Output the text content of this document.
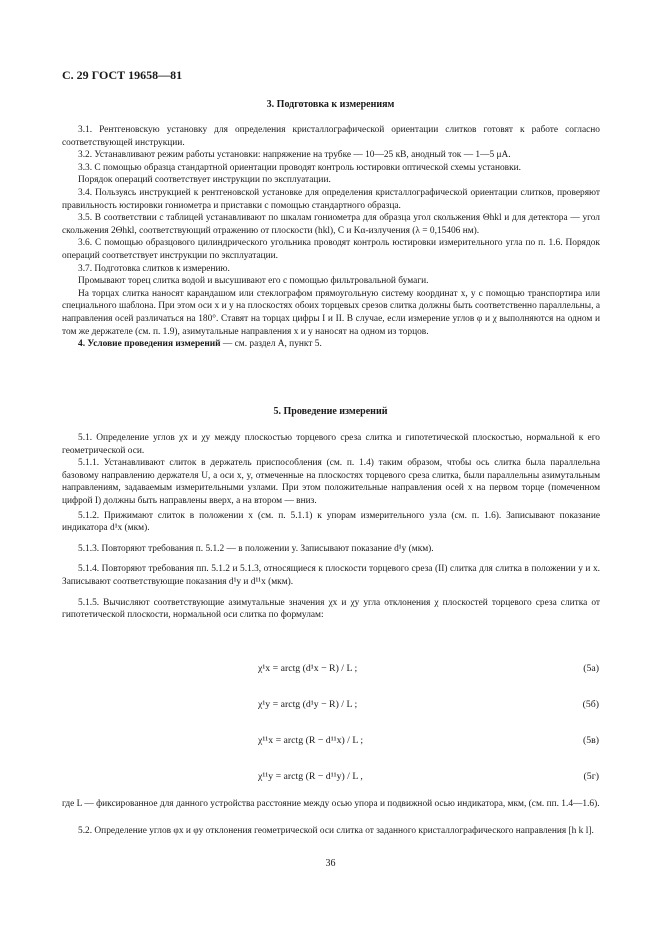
С. 29 ГОСТ 19658—81
3. Подготовка к измерениям

3.1. Рентгеновскую установку для определения кристаллографической ориентации слитков готовят к работе согласно соответствующей инструкции.

3.2. Устанавливают режим работы установки: напряжение на трубке — 10—25 кВ, анодный ток — 1—5 μА.

3.3. С помощью образца стандартной ориентации проводят контроль юстировки оптической схемы установки.

Порядок операций соответствует инструкции по эксплуатации.

3.4. Пользуясь инструкцией к рентгеновской установке для определения кристаллографической ориентации слитков, проверяют правильность юстировки гониометра и приставки с помощью стандартного образца.

3.5. В соответствии с таблицей устанавливают по шкалам гониометра для образца угол скольжения Θhkl и для детектора — угол скольжения 2Θhkl, соответствующий отражению от плоскости (hkl), С и Kα-излучения (λ = 0,15406 нм).

3.6. С помощью образцового цилиндрического угольника проводят контроль юстировки измерительного угла по п. 1.6. Порядок операций соответствует инструкции по эксплуатации.

3.7. Подготовка слитков к измерению.

Промывают торец слитка водой и высушивают его с помощью фильтровальной бумаги.

На торцах слитка наносят карандашом или стеклографом прямоугольную систему координат x, y с помощью транспортира или специального шаблона. При этом оси x и y на плоскостях обоих торцевых срезов слитка должны быть соответственно параллельны, а направления осей различаться на 180°. Ставят на торцах цифры I и II. В случае, если измерение углов φ и χ выполняются на одном и том же держателе (см. п. 1.9), азимутальные направления x и y наносят на одном из торцов.

4. Условие проведения измерений — см. раздел А, пункт 5.

5. Проведение измерений

5.1. Определение углов χx и χy между плоскостью торцевого среза слитка и гипотетической плоскостью, нормальной к его геометрической оси.

5.1.1. Устанавливают слиток в держатель приспособления (см. п. 1.4) таким образом, чтобы ось слитка была параллельна базовому направлению держателя U, а оси x, y, отмеченные на плоскостях торцевого среза слитка, были параллельны азимутальным направлениям, задаваемым измерительными узлами. При этом положительные направления осей x на первом торце (помеченном цифрой I) должны быть направлены вверх, а на втором — вниз.

5.1.2. Прижимают слиток в положении x (см. п. 5.1.1) к упорам измерительного узла (см. п. 1.6). Записывают показание индикатора d¹x (мкм).

5.1.3. Повторяют требования п. 5.1.2 — в положении y. Записывают показание d¹y (мкм).

5.1.4. Повторяют требования пп. 5.1.2 и 5.1.3, относящиеся к плоскости торцевого среза (II) слитка для слитка в положении y и x. Записывают соответствующие показания d¹y и d¹¹x (мкм).

5.1.5. Вычисляют соответствующие азимутальные значения χx и χy угла отклонения χ плоскостей торцевого среза слитка от гипотетической плоскости, нормальной оси слитка по формулам:

χ¹x = arctg (d¹x − R) / L ;	(5а)
χ¹y = arctg (d¹y − R) / L ;	(5б)
χ¹¹x = arctg (R − d¹¹x) / L ;	(5в)
χ¹¹y = arctg (R − d¹¹y) / L ,	(5г)
где L — фиксированное для данного устройства расстояние между осью упора и подвижной осью индикатора, мкм, (см. пп. 1.4—1.6).
5.2. Определение углов φx и φy отклонения геометрической оси слитка от заданного кристаллографического направления [h k l].
36
